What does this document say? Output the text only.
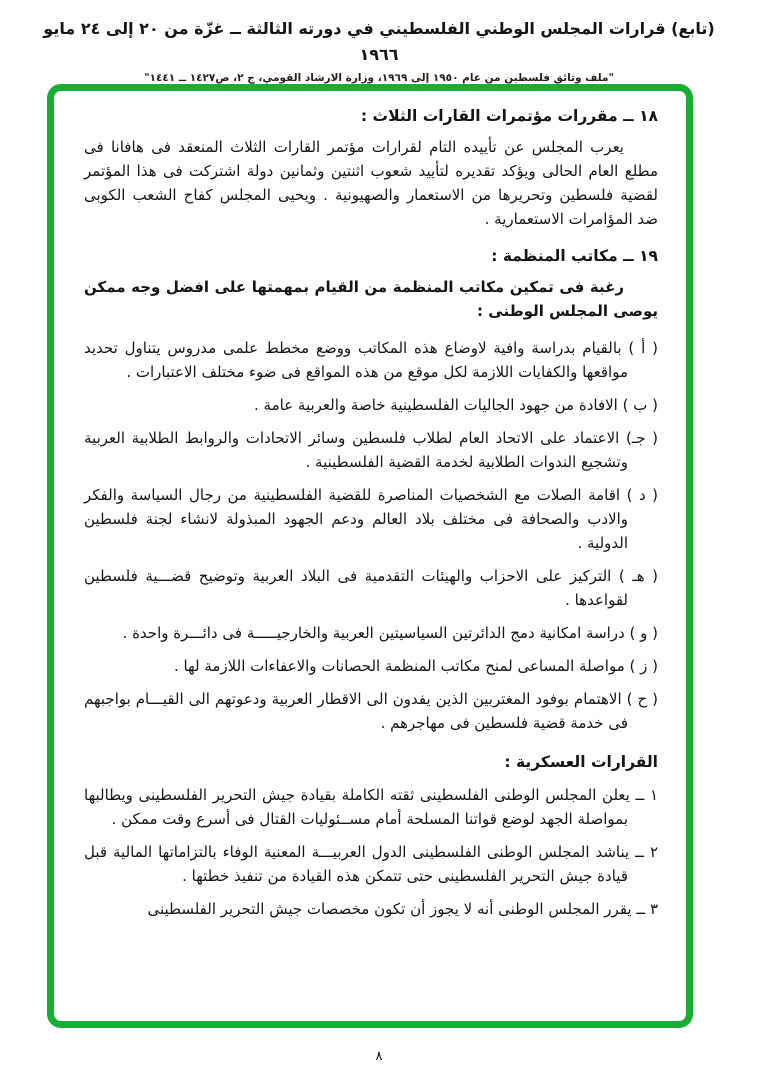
(تابع) قرارات المجلس الوطني الفلسطيني في دورته الثالثة ــ غزّة من ٢٠ إلى ٢٤ مايو ١٩٦٦
"ملف وثائق فلسطين من عام ١٩٥٠ إلى ١٩٦٩، وزارة الارشاد القومي، ج ٢، ص١٤٢٧ ــ ١٤٤١"
١٨ ــ مقررات مؤتمرات القارات الثلاث :

يعرب المجلس عن تأييده التام لقرارات مؤتمر القارات الثلاث المنعقد فى هافانا فى مطلع العام الحالى ويؤكد تقديره لتأييد شعوب اثنتين وثمانين دولة اشتركت فى هذا المؤتمر لقضية فلسطين وتحريرها من الاستعمار والصهيونية . ويحيى المجلس كفاح الشعب الكوبى ضد المؤامرات الاستعمارية .

١٩ ــ مكاتب المنظمة :

رغبة فى تمكين مكاتب المنظمة من القيام بمهمتها على افضل وجه ممكن يوصى المجلس الوطنى :

( أ ) بالقيام بدراسة وافية لاوضاع هذه المكاتب ووضع مخطط علمى مدروس يتناول تحديد مواقعها والكفايات اللازمة لكل موقع من هذه المواقع فى ضوء مختلف الاعتبارات .
( ب ) الافادة من جهود الجاليات الفلسطينية خاصة والعربية عامة .
( جـ) الاعتماد على الاتحاد العام لطلاب فلسطين وسائر الاتحادات والروابط الطلابية العربية وتشجيع الندوات الطلابية لخدمة القضية الفلسطينية .
( د ) اقامة الصلات مع الشخصيات المناصرة للقضية الفلسطينية من رجال السياسة والفكر والادب والصحافة فى مختلف بلاد العالم ودعم الجهود المبذولة لانشاء لجنة فلسطين الدولية .
( هـ ) التركيز على الاحزاب والهيئات التقدمية فى البلاد العربية وتوضيح قضـــية فلسطين لقواعدها .
( و ) دراسة امكانية دمج الدائرتين السياسيتين العربية والخارجيـــــة فى دائـــرة واحدة .
( ز ) مواصلة المساعى لمنح مكاتب المنظمة الحصانات والاعفاءات اللازمة لها .
( ح ) الاهتمام بوفود المغتربين الذين يفدون الى الاقطار العربية ودعوتهم الى القيـــام بواجبهم فى خدمة قضية فلسطين فى مهاجرهم .
القرارات العسكرية :
١ ــ يعلن المجلس الوطنى الفلسطينى ثقته الكاملة بقيادة جيش التحرير الفلسطينى ويطالبها بمواصلة الجهد لوضع قواتنا المسلحة أمام مســئوليات القتال فى أسرع وقت ممكن .
٢ ــ يناشد المجلس الوطنى الفلسطينى الدول العربيـــة المعنية الوفاء بالتزاماتها المالية قبل قيادة جيش التحرير الفلسطينى حتى تتمكن هذه القيادة من تنفيذ خطتها .
٣ ــ يقرر المجلس الوطنى أنه لا يجوز أن تكون مخصصات جيش التحرير الفلسطينى
٨
